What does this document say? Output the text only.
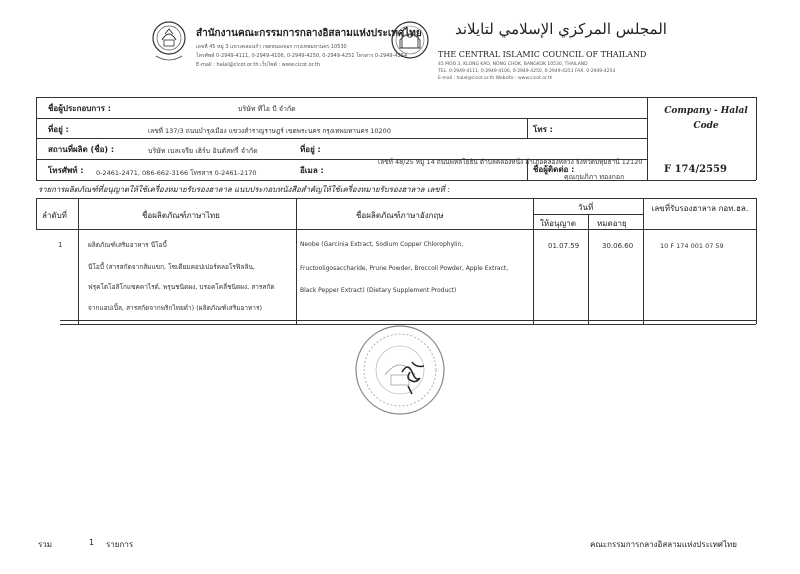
สำนักงานคณะกรรมการกลางอิสลามแห่งประเทศไทย
เลขที่ 45 หมู่ 3 แขวงคลองเก้า เขตหนองจอก กรุงเทพมหานคร 10530
โทรศัพท์ 0-2949-4111, 0-2949-4106, 0-2949-4250, 0-2949-4251 โทรสาร 0-2949-4254
E-mail : halal@cicot.or.th เว็บไซต์ : www.cicot.or.th
المجلس المركزي الإسلامي لتايلاند
THE CENTRAL ISLAMIC COUNCIL OF THAILAND
45 MOO 3, KLONG KAO, NONG CHOK, BANGKOK 10530, THAILAND
TEL. 0-2949-4111, 0-2949-4106, 0-2949-4250, 0-2949-4251 FAX. 0-2949-4254
E-mail : halal@cicot.or.th Website : www.cicot.or.th
ชื่อผู้ประกอบการ :	บริษัท ทีไอ บี จำกัด
ที่อยู่ :	เลขที่ 137/3 ถนนบำรุงเมือง แขวงสำราญราษฎร์ เขตพระนคร กรุงเทพมหานคร 10200	โทร :
สถานที่ผลิต (ชื่อ) :	บริษัท เบลเจรีย เฮิร์บ อินดัสทรี่ จำกัด	ที่อยู่ :
โทรศัพท์ : 0-2461-2471, 086-662-3166 โทรสาร 0-2461-2170	อีเมล :
เลขที่ 48/25 หมู่ 14 ถนนพหลโยธิน ตำบลคลองหนึ่ง อำเภอคลองหลวง จังหวัดปทุมธานี 12120
ชื่อผู้ติดต่อ :
คุณกุมภิภา ทองกอก
Company - Halal Code
F 174/2559
รายการผลิตภัณฑ์ที่อนุญาตให้ใช้เครื่องหมายรับรองฮาลาล แนบประกอบหนังสือสำคัญให้ใช้เครื่องหมายรับรองฮาลาล เลขที่ :
ลำดับที่	ชื่อผลิตภัณฑ์ภาษาไทย	ชื่อผลิตภัณฑ์ภาษาอังกฤษ
วันที่
ให้อนุญาต	หมดอายุ
เลขที่รับรองฮาลาล กอท.ฮล.
1	ผลิตภัณฑ์เสริมอาหาร นีโอบี้
นีโอบี้ (สารสกัดจากส้มแขก, โซเดียมคอปเปอร์คลอโรฟิลลิน,
ฟรุคโตโอลิโกแซคคาไรด์, พรุนชนิดผง, บรอคโคลี่ชนิดผง, สารสกัด
จากแอปเปิ้ล, สารสกัดจากพริกไทยดำ) (ผลิตภัณฑ์เสริมอาหาร)
Neobe (Garcinia Extract, Sodium Copper Chlorophylin,
Fructooligosaccharide, Prune Powder, Broccoli Powder, Apple Extract,
Black Pepper Extract) (Dietary Supplement Product)
01.07.59	30.06.60	10 F 174 001 07 59
รวม	1 รายการ	คณะกรรมการกลางอิสลามแห่งประเทศไทย
